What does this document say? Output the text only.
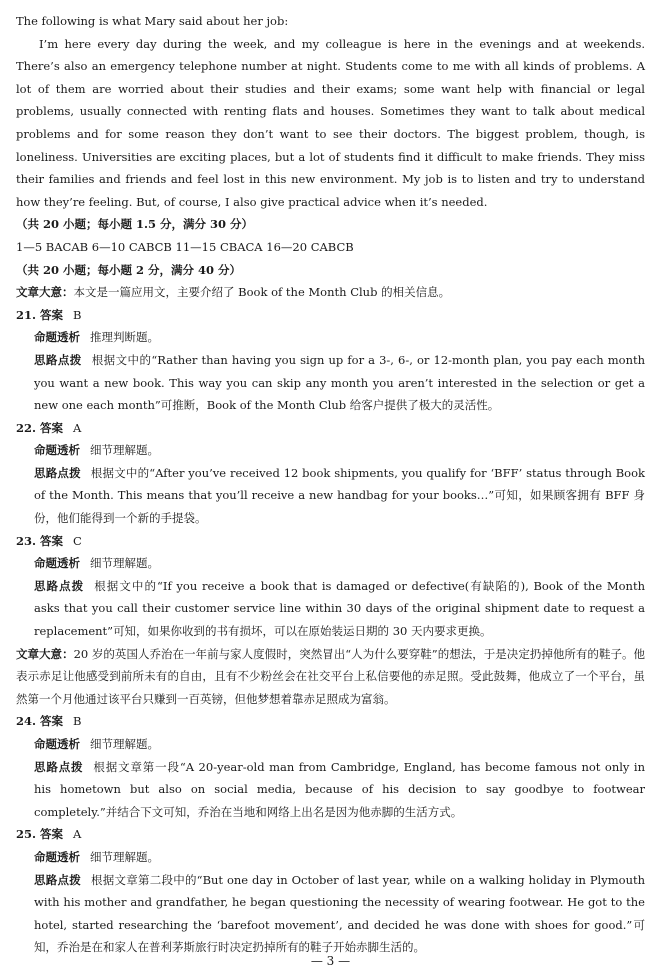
The following is what Mary said about her job:

I’m here every day during the week, and my colleague is here in the evenings and at weekends. There’s also an emergency telephone number at night. Students come to me with all kinds of problems. A lot of them are worried about their studies and their exams; some want help with financial or legal problems, usually connected with renting flats and houses. Sometimes they want to talk about medical problems and for some reason they don’t want to see their doctors. The biggest problem, though, is loneliness. Universities are exciting places, but a lot of students find it difficult to make friends. They miss their families and friends and feel lost in this new environment. My job is to listen and try to understand how they’re feeling. But, of course, I also give practical advice when it’s needed.

（共 20 小题；每小题 1.5 分，满分 30 分）

1—5 BACAB 6—10 CABCB 11—15 CBACA 16—20 CABCB

（共 20 小题；每小题 2 分，满分 40 分）

文章大意：本文是一篇应用文，主要介绍了 Book of the Month Club 的相关信息。

21. 答案 B

命题透析 推理判断题。

思路点拨 根据文中的“Rather than having you sign up for a 3-, 6-, or 12-month plan, you pay each month you want a new book. This way you can skip any month you aren’t interested in the selection or get a new one each month”可推断，Book of the Month Club 给客户提供了极大的灵活性。

22. 答案 A

命题透析 细节理解题。

思路点拨 根据文中的“After you’ve received 12 book shipments, you qualify for ‘BFF’ status through Book of the Month. This means that you’ll receive a new handbag for your books…”可知，如果顾客拥有 BFF 身份，他们能得到一个新的手提袋。

23. 答案 C

命题透析 细节理解题。

思路点拨 根据文中的“If you receive a book that is damaged or defective(有缺陷的), Book of the Month asks that you call their customer service line within 30 days of the original shipment date to request a replacement”可知，如果你收到的书有损坏，可以在原始装运日期的 30 天内要求更换。

文章大意：20 岁的英国人乔治在一年前与家人度假时，突然冒出“人为什么要穿鞋”的想法，于是决定扔掉他所有的鞋子。他表示赤足让他感受到前所未有的自由，且有不少粉丝会在社交平台上私信要他的赤足照。受此鼓舞，他成立了一个平台，虽然第一个月他通过该平台只赚到一百英镑，但他梦想着靠赤足照成为富翁。

24. 答案 B

命题透析 细节理解题。

思路点拨 根据文章第一段“A 20-year-old man from Cambridge, England, has become famous not only in his hometown but also on social media, because of his decision to say goodbye to footwear completely.”并结合下文可知，乔治在当地和网络上出名是因为他赤脚的生活方式。

25. 答案 A

命题透析 细节理解题。

思路点拨 根据文章第二段中的“But one day in October of last year, while on a walking holiday in Plymouth with his mother and grandfather, he began questioning the necessity of wearing footwear. He got to the hotel, started researching the ‘barefoot movement’, and decided he was done with shoes for good.”可知，乔治是在和家人在普利茅斯旅行时决定扔掉所有的鞋子开始赤脚生活的。

— 3 —
